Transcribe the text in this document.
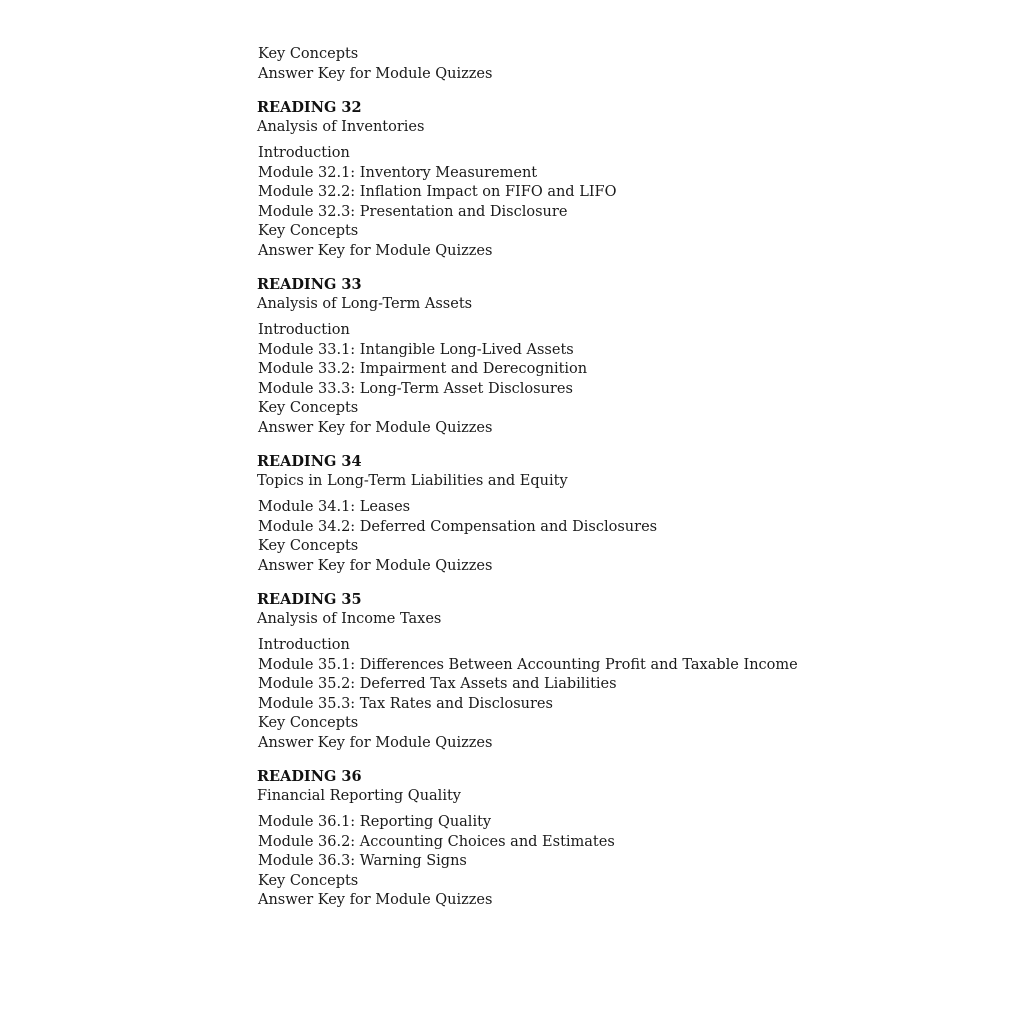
Key Concepts
Answer Key for Module Quizzes
READING 32
Analysis of Inventories
Introduction
Module 32.1: Inventory Measurement
Module 32.2: Inflation Impact on FIFO and LIFO
Module 32.3: Presentation and Disclosure
Key Concepts
Answer Key for Module Quizzes
READING 33
Analysis of Long-Term Assets
Introduction
Module 33.1: Intangible Long-Lived Assets
Module 33.2: Impairment and Derecognition
Module 33.3: Long-Term Asset Disclosures
Key Concepts
Answer Key for Module Quizzes
READING 34
Topics in Long-Term Liabilities and Equity
Module 34.1: Leases
Module 34.2: Deferred Compensation and Disclosures
Key Concepts
Answer Key for Module Quizzes
READING 35
Analysis of Income Taxes
Introduction
Module 35.1: Differences Between Accounting Profit and Taxable Income
Module 35.2: Deferred Tax Assets and Liabilities
Module 35.3: Tax Rates and Disclosures
Key Concepts
Answer Key for Module Quizzes
READING 36
Financial Reporting Quality
Module 36.1: Reporting Quality
Module 36.2: Accounting Choices and Estimates
Module 36.3: Warning Signs
Key Concepts
Answer Key for Module Quizzes
